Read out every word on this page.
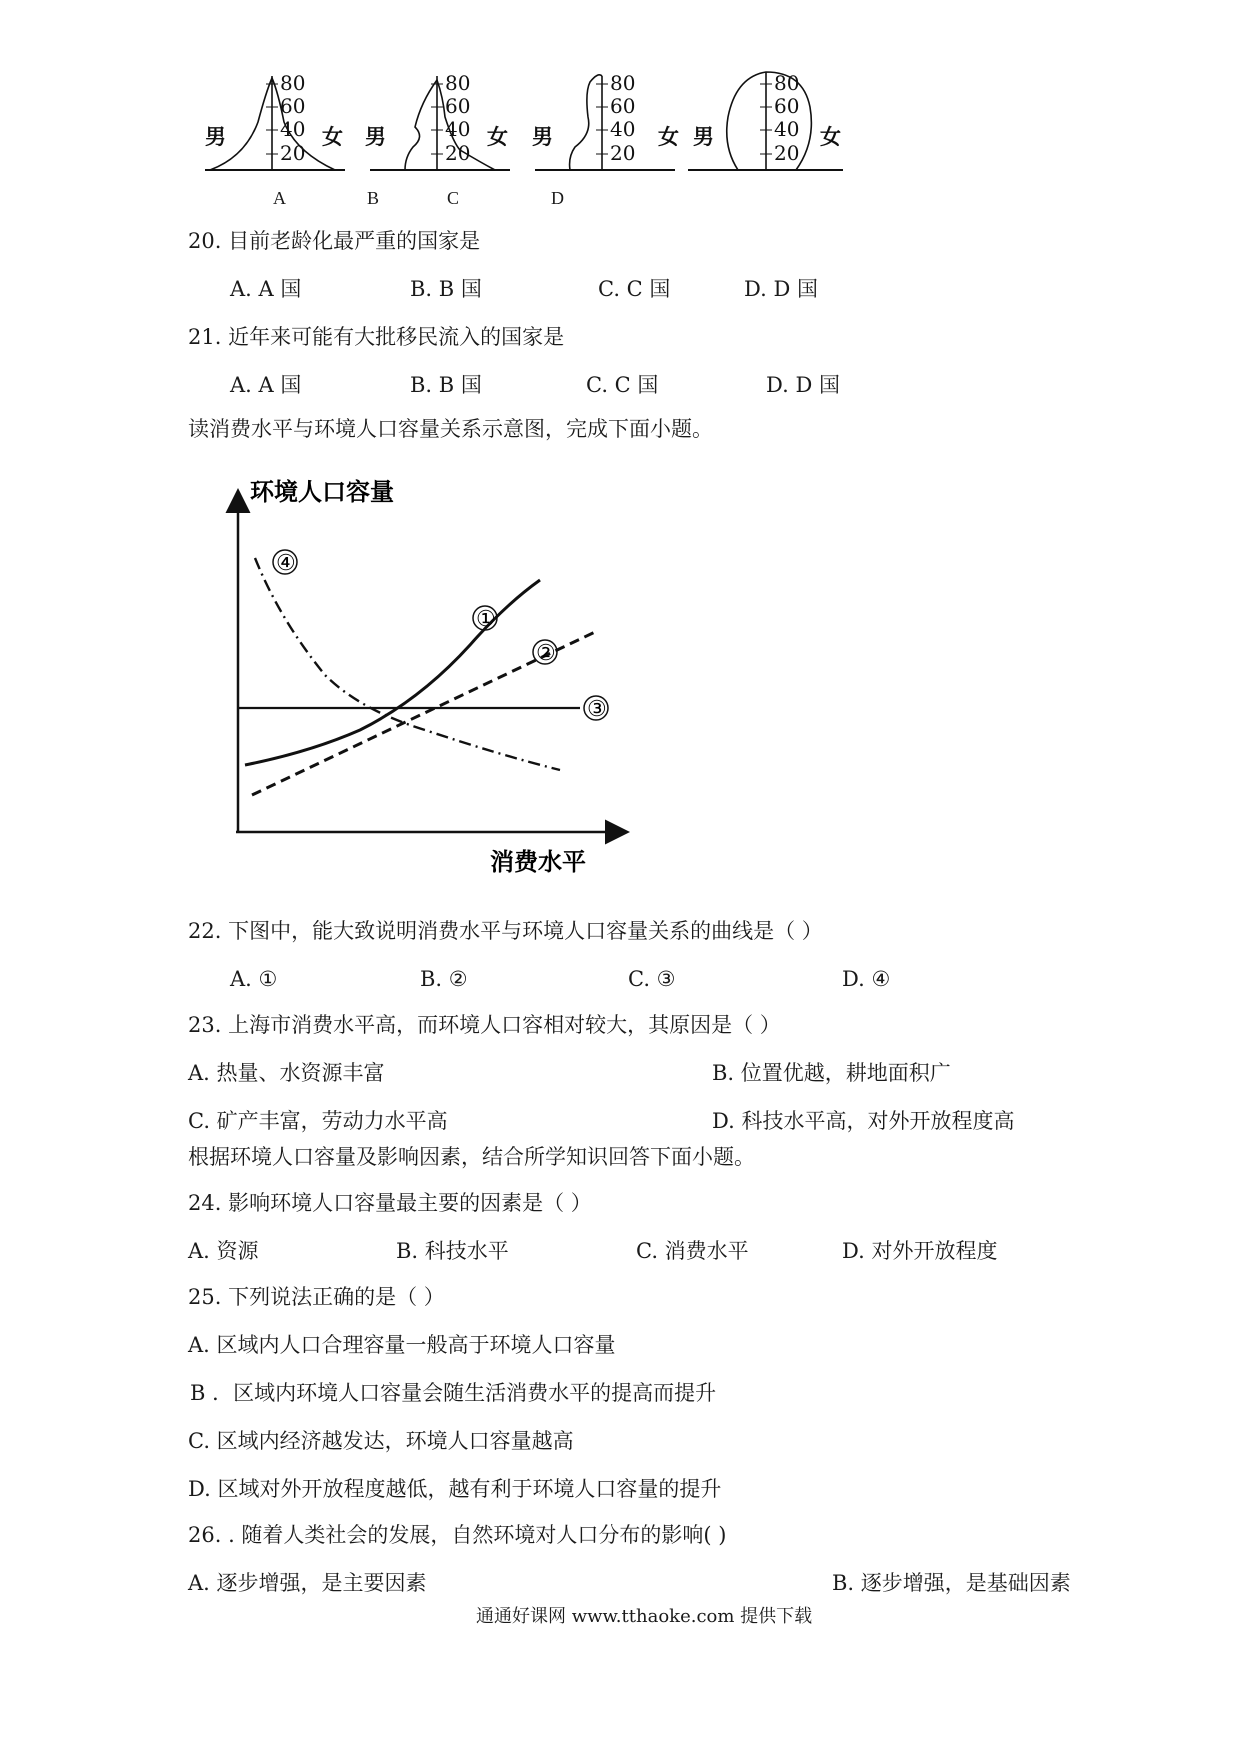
80
60
40
20
男	女
80
60
40
20
男	女
80
60
40
20
男	女
80
60
40
20
男	女
A	B	C	D
20. 目前老龄化最严重的国家是
A. A 国	B. B 国	C. C 国	D. D 国
21. 近年来可能有大批移民流入的国家是
A. A 国	B. B 国	C. C 国	D. D 国
读消费水平与环境人口容量关系示意图，完成下面小题。
环境人口容量
消费水平
①
②
③
④
22. 下图中，能大致说明消费水平与环境人口容量关系的曲线是（ ）
A. ①	B. ②	C. ③	D. ④
23. 上海市消费水平高，而环境人口容相对较大，其原因是（ ）
A. 热量、水资源丰富	B. 位置优越，耕地面积广
C. 矿产丰富，劳动力水平高	D. 科技水平高，对外开放程度高
根据环境人口容量及影响因素，结合所学知识回答下面小题。
24. 影响环境人口容量最主要的因素是（ ）
A. 资源	B. 科技水平	C. 消费水平	D. 对外开放程度
25. 下列说法正确的是（ ）
A. 区域内人口合理容量一般高于环境人口容量
B ．区域内环境人口容量会随生活消费水平的提高而提升
C. 区域内经济越发达，环境人口容量越高
D. 区域对外开放程度越低，越有利于环境人口容量的提升
26. . 随着人类社会的发展，自然环境对人口分布的影响( )
A. 逐步增强，是主要因素	B. 逐步增强，是基础因素
通通好课网 www.tthaoke.com 提供下载
